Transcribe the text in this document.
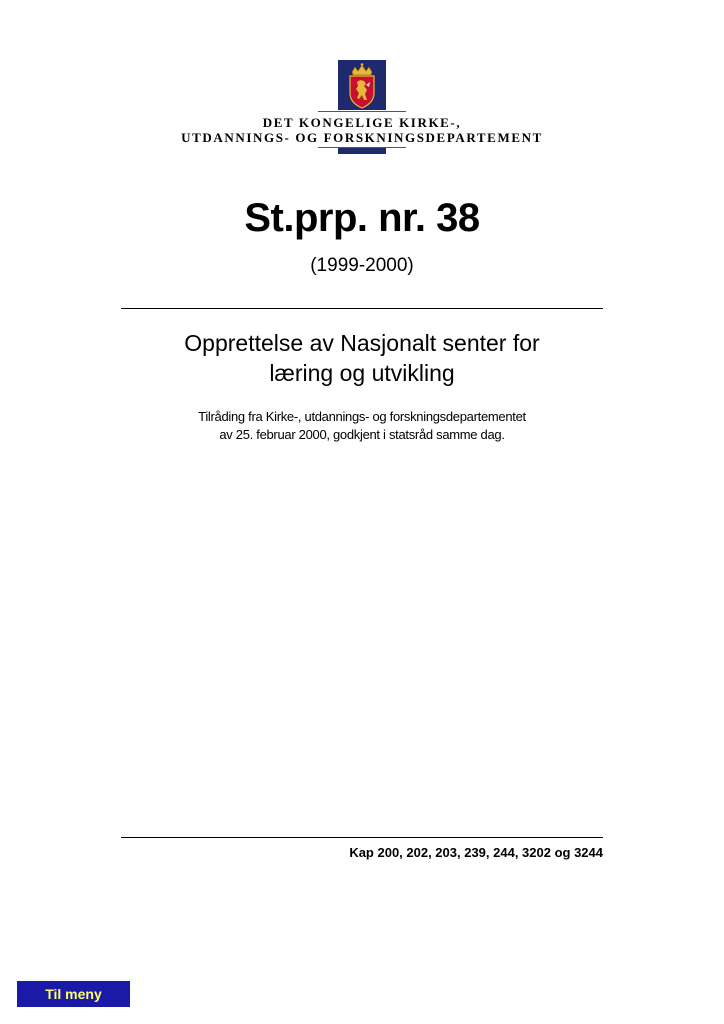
DET KONGELIGE KIRKE-,
UTDANNINGS- OG FORSKNINGSDEPARTEMENT
St.prp. nr. 38
(1999-2000)
Opprettelse av Nasjonalt senter for
læring og utvikling
Tilråding fra Kirke-, utdannings- og forskningsdepartementet
av 25. februar 2000, godkjent i statsråd samme dag.
Kap 200, 202, 203, 239, 244, 3202 og 3244
Til meny
